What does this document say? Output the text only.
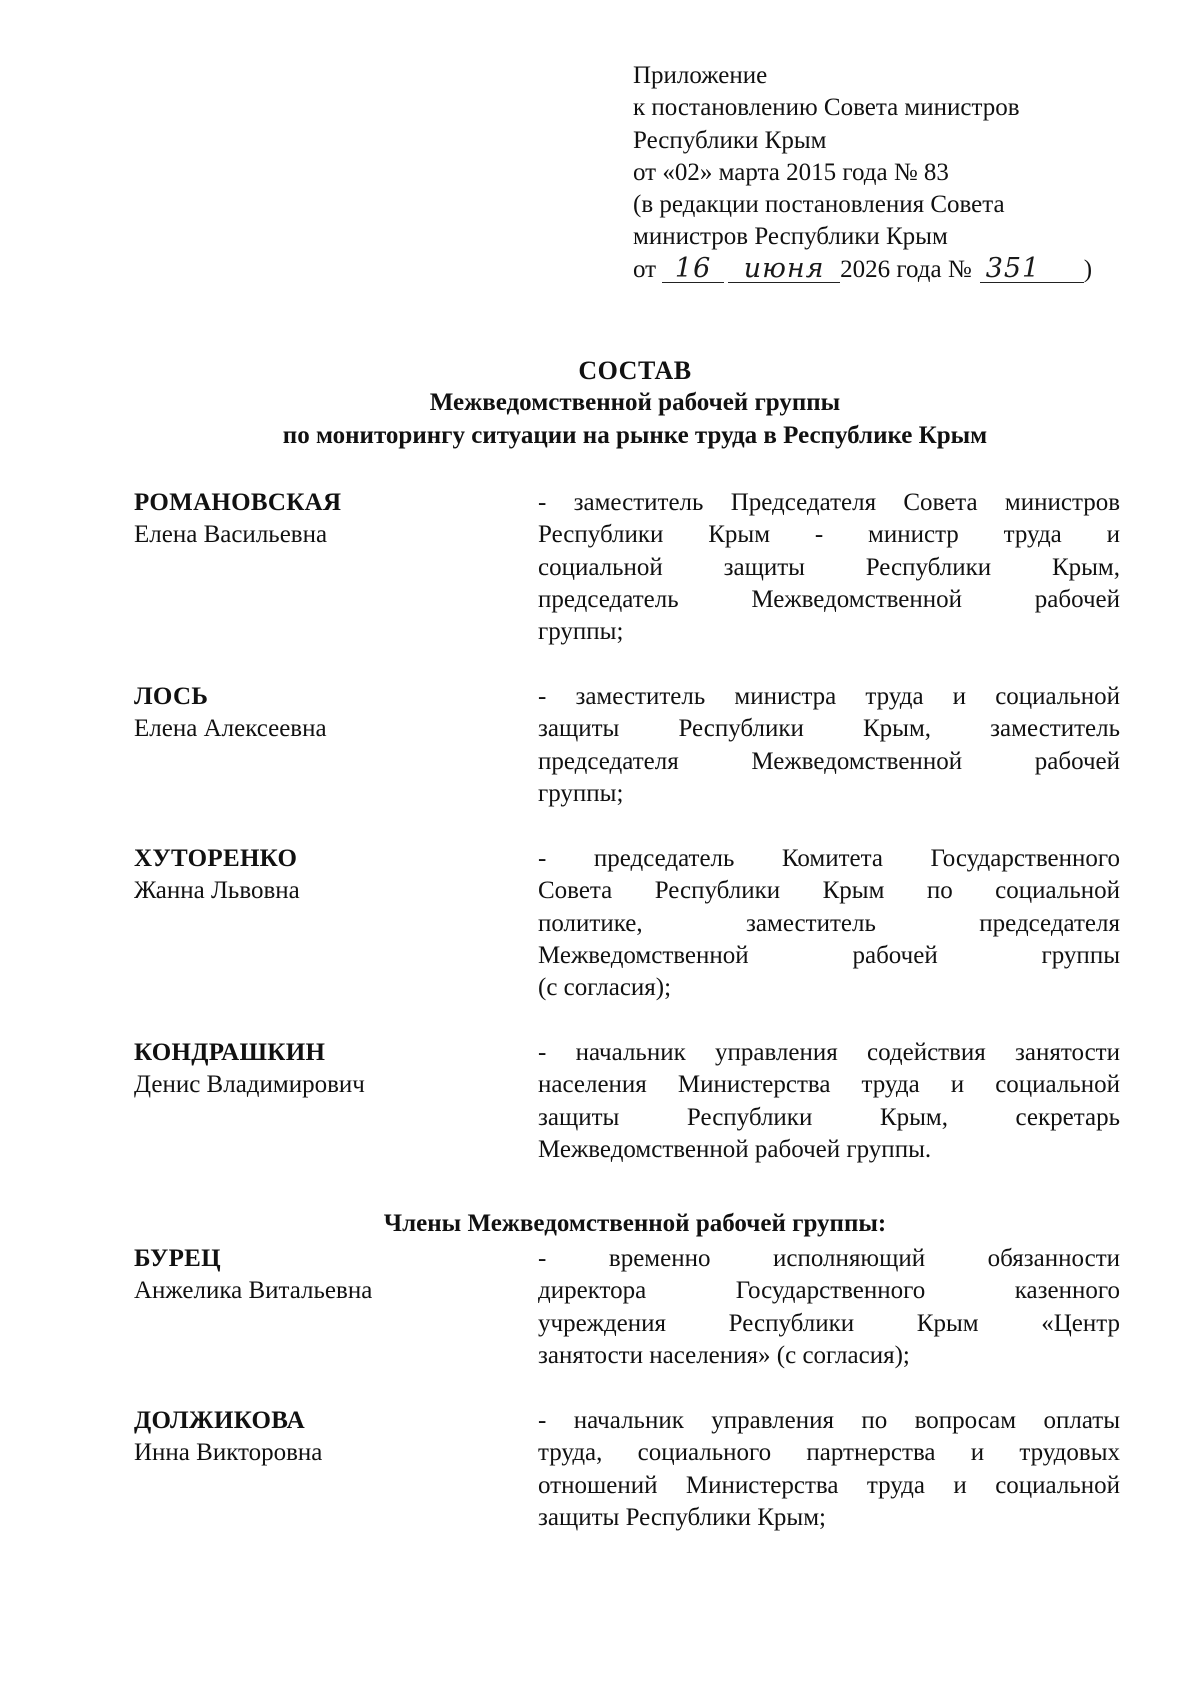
Приложение
к постановлению Совета министров
Республики Крым
от «02» марта 2015 года № 83
(в редакции постановления Совета
министров Республики Крым
от 16 июня 2026 года № 351 )
СОСТАВ
Межведомственной рабочей группы
по мониторингу ситуации на рынке труда в Республике Крым
РОМАНОВСКАЯ
Елена Васильевна
- заместитель Председателя Совета министров
Республики Крым - министр труда и
социальной защиты Республики Крым,
председатель Межведомственной рабочей
группы;
ЛОСЬ
Елена Алексеевна
- заместитель министра труда и социальной
защиты Республики Крым, заместитель
председателя Межведомственной рабочей
группы;
ХУТОРЕНКО
Жанна Львовна
- председатель Комитета Государственного
Совета Республики Крым по социальной
политике, заместитель председателя
Межведомственной рабочей группы
(с согласия);
КОНДРАШКИН
Денис Владимирович
- начальник управления содействия занятости
населения Министерства труда и социальной
защиты Республики Крым, секретарь
Межведомственной рабочей группы.
Члены Межведомственной рабочей группы:
БУРЕЦ
Анжелика Витальевна
- временно исполняющий обязанности
директора Государственного казенного
учреждения Республики Крым «Центр
занятости населения» (с согласия);
ДОЛЖИКОВА
Инна Викторовна
- начальник управления по вопросам оплаты
труда, социального партнерства и трудовых
отношений Министерства труда и социальной
защиты Республики Крым;
